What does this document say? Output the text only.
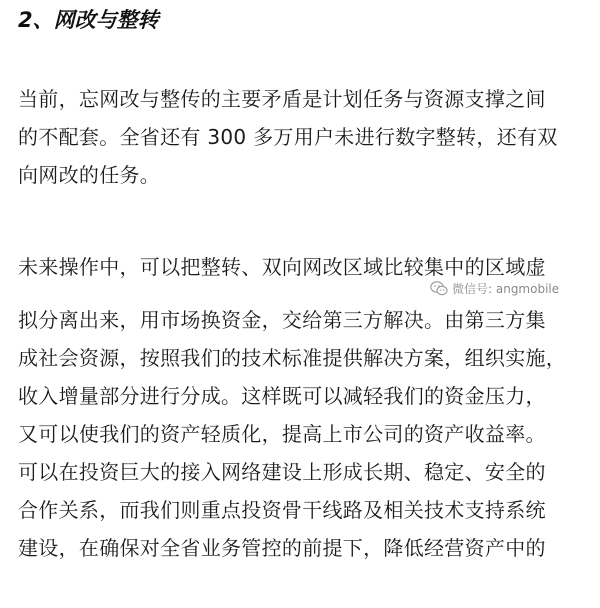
2、网改与整转
当前，忘网改与整传的主要矛盾是计划任务与资源支撑之间
的不配套。全省还有 300 多万用户未进行数字整转，还有双
向网改的任务。
未来操作中，可以把整转、双向网改区域比较集中的区域虚
拟分离出来，用市场换资金，交给第三方解决。由第三方集
成社会资源，按照我们的技术标准提供解决方案，组织实施，
收入增量部分进行分成。这样既可以减轻我们的资金压力，
又可以使我们的资产轻质化，提高上市公司的资产收益率。
可以在投资巨大的接入网络建设上形成长期、稳定、安全的
合作关系，而我们则重点投资骨干线路及相关技术支持系统
建设，在确保对全省业务管控的前提下，降低经营资产中的
微信号: angmobile
